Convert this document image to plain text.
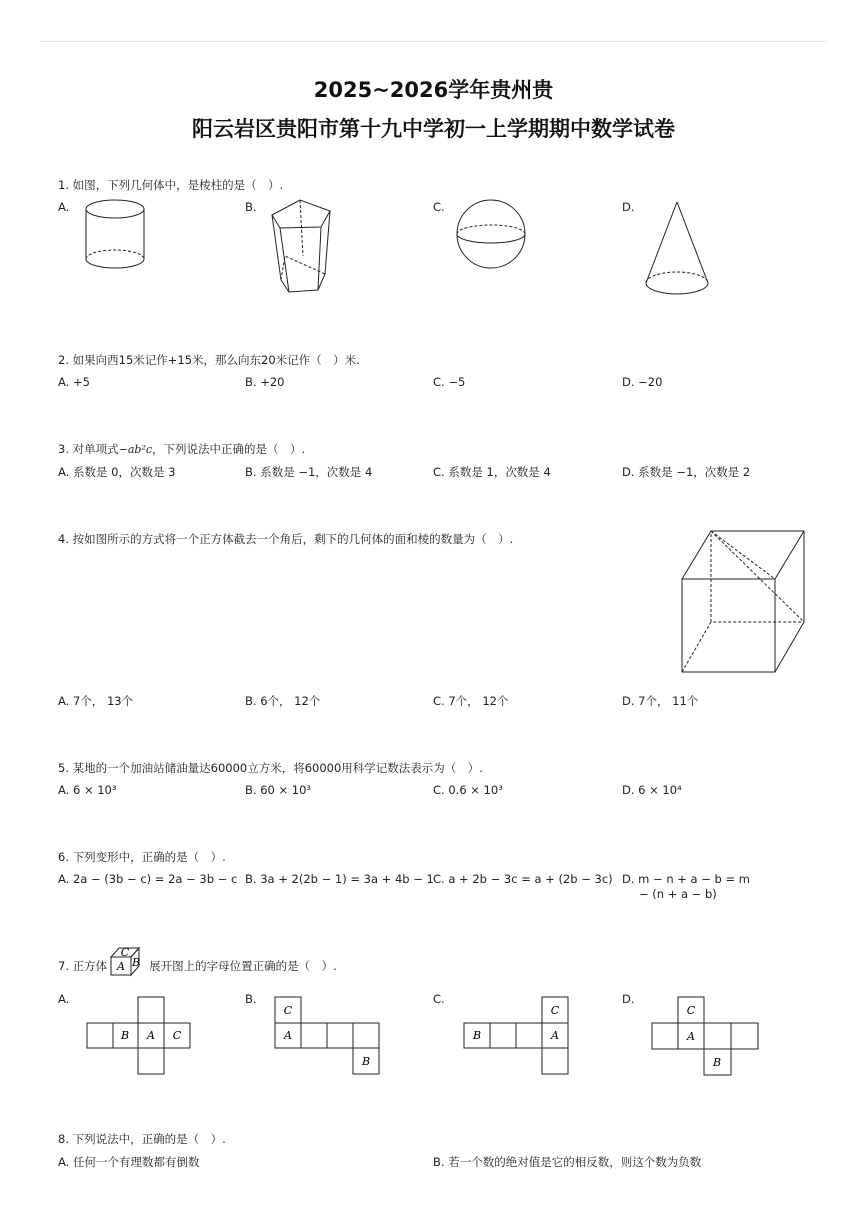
2025~2026学年贵州贵
阳云岩区贵阳市第十九中学初一上学期期中数学试卷
1. 如图，下列几何体中，是棱柱的是（　）.
A.	B.	C.	D.
2. 如果向西15米记作+15米，那么向东20米记作（　）米.
A. +5	B. +20	C. −5	D. −20
3. 对单项式−ab²c，下列说法中正确的是（　）.
A. 系数是 0，次数是 3	B. 系数是 −1，次数是 4	C. 系数是 1，次数是 4	D. 系数是 −1，次数是 2
4. 按如图所示的方式将一个正方体截去一个角后，剩下的几何体的面和棱的数量为（　）.
A. 7个， 13个	B. 6个， 12个	C. 7个， 12个	D. 7个， 11个
5. 某地的一个加油站储油量达60000立方米，将60000用科学记数法表示为（　）.
A. 6 × 10³	B. 60 × 10³	C. 0.6 × 10³	D. 6 × 10⁴
6. 下列变形中，正确的是（　）.
A. 2a − (3b − c) = 2a − 3b − c B. 3a + 2(2b − 1) = 3a + 4b − 1 C. a + 2b − 3c = a + (2b − 3c) D. m − n + a − b = m
− (n + a − b)
7. 正方体	展开图上的字母位置正确的是（　）.
C
A B
A.	B.	C.	D.
B A C
C
A
B
C
B	A
C
A
B
8. 下列说法中，正确的是（　）.
A. 任何一个有理数都有倒数	B. 若一个数的绝对值是它的相反数，则这个数为负数
